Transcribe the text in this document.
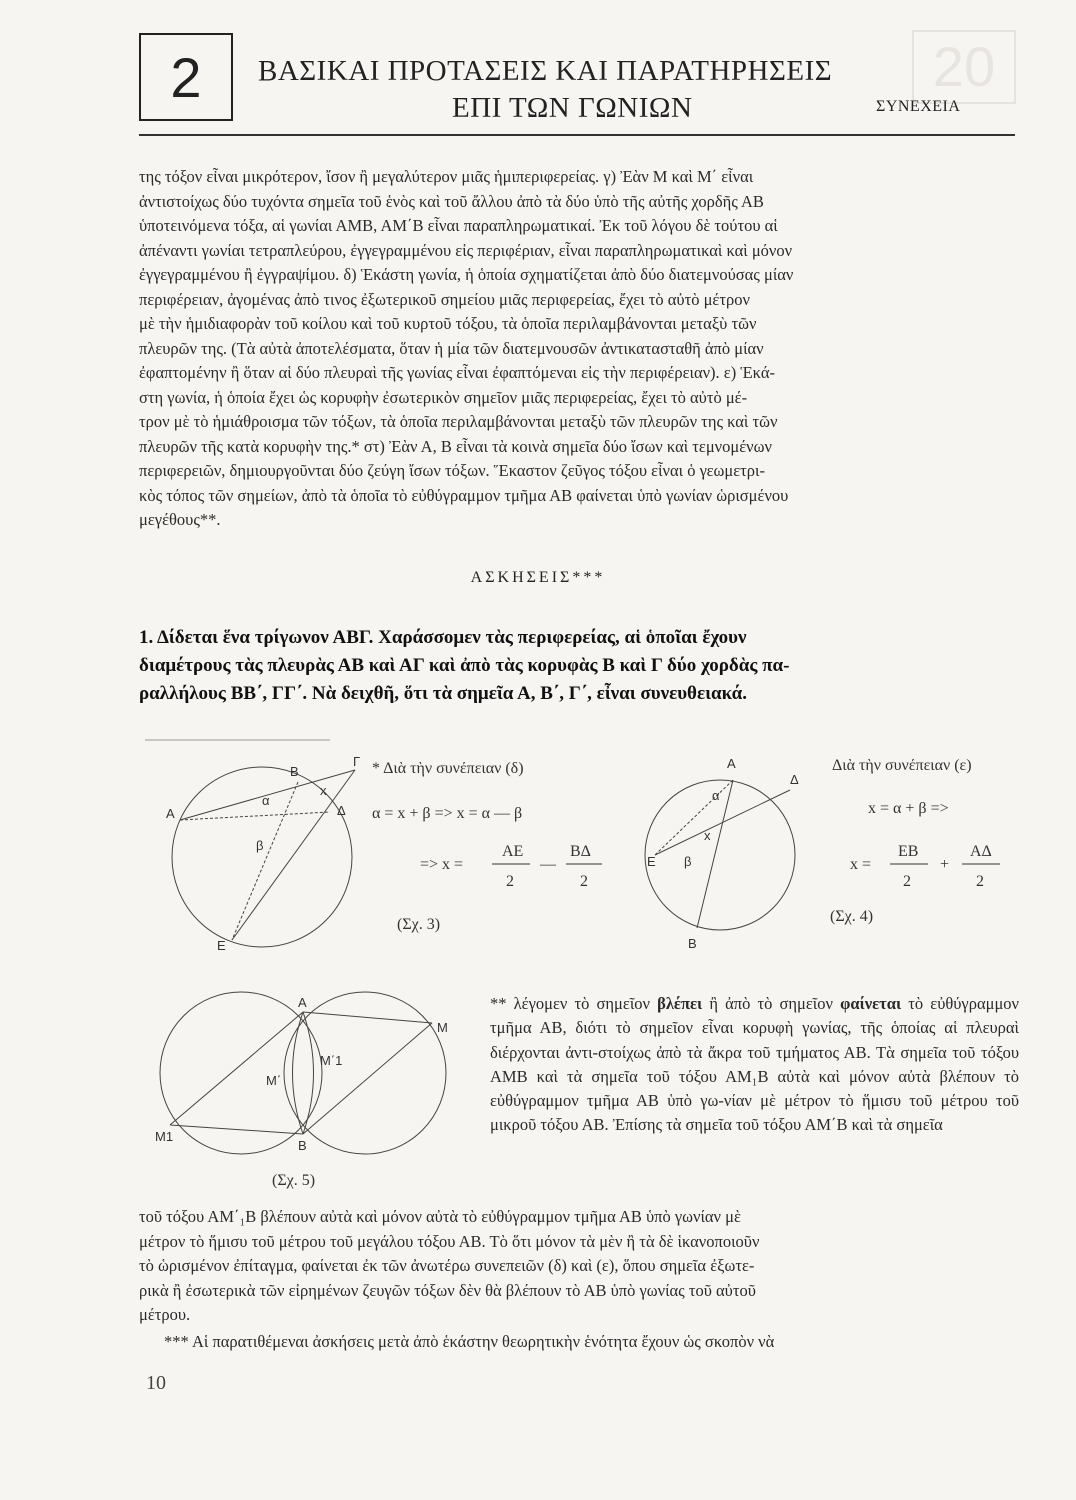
20
2	ΒΑΣΙΚΑΙ ΠΡΟΤΑΣΕΙΣ ΚΑΙ ΠΑΡΑΤΗΡΗΣΕΙΣ
ΕΠΙ ΤΩΝ ΓΩΝΙΩΝ	ΣΥΝΕΧΕΙΑ
της τόξον εἶναι μικρότερον, ἴσον ἢ μεγαλύτερον μιᾶς ἡμιπεριφερείας. γ) Ἐὰν Μ καὶ Μ΄ εἶναι
ἀντιστοίχως δύο τυχόντα σημεῖα τοῦ ἑνὸς καὶ τοῦ ἄλλου ἀπὸ τὰ δύο ὑπὸ τῆς αὐτῆς χορδῆς ΑΒ
ὑποτεινόμενα τόξα, αἱ γωνίαι ΑΜΒ, ΑΜ΄Β εἶναι παραπληρωματικαί. Ἐκ τοῦ λόγου δὲ τούτου αἱ
ἀπέναντι γωνίαι τετραπλεύρου, ἐγγεγραμμένου εἰς περιφέριαν, εἶναι παραπληρωματικαὶ καὶ μόνον
ἐγγεγραμμένου ἢ ἐγγραψίμου. δ) Ἑκάστη γωνία, ἡ ὁποία σχηματίζεται ἀπὸ δύο διατεμνούσας μίαν
περιφέρειαν, ἀγομένας ἀπὸ τινος ἐξωτερικοῦ σημείου μιᾶς περιφερείας, ἔχει τὸ αὐτὸ μέτρον
μὲ τὴν ἡμιδιαφορὰν τοῦ κοίλου καὶ τοῦ κυρτοῦ τόξου, τὰ ὁποῖα περιλαμβάνονται μεταξὺ τῶν
πλευρῶν της. (Τὰ αὐτὰ ἀποτελέσματα, ὅταν ἡ μία τῶν διατεμνουσῶν ἀντικατασταθῆ ἀπὸ μίαν
ἐφαπτομένην ἢ ὅταν αἱ δύο πλευραὶ τῆς γωνίας εἶναι ἐφαπτόμεναι εἰς τὴν περιφέρειαν). ε) Ἑκά-
στη γωνία, ἡ ὁποία ἔχει ὡς κορυφὴν ἐσωτερικὸν σημεῖον μιᾶς περιφερείας, ἔχει τὸ αὐτὸ μέ-
τρον μὲ τὸ ἡμιάθροισμα τῶν τόξων, τὰ ὁποῖα περιλαμβάνονται μεταξὺ τῶν πλευρῶν της καὶ τῶν
πλευρῶν τῆς κατὰ κορυφὴν της.* στ) Ἐὰν Α, Β εἶναι τὰ κοινὰ σημεῖα δύο ἴσων καὶ τεμνομένων
περιφερειῶν, δημιουργοῦνται δύο ζεύγη ἴσων τόξων. Ἕκαστον ζεῦγος τόξου εἶναι ὁ γεωμετρι-
κὸς τόπος τῶν σημείων, ἀπὸ τὰ ὁποῖα τὸ εὐθύγραμμον τμῆμα ΑΒ φαίνεται ὑπὸ γωνίαν ὡρισμένου
μεγέθους**.
ΑΣΚΗΣΕΙΣ***
1. Δίδεται ἕνα τρίγωνον ΑΒΓ. Χαράσσομεν τὰς περιφερείας, αἱ ὁποῖαι ἔχουν
διαμέτρους τὰς πλευρὰς ΑΒ καὶ ΑΓ καὶ ἀπὸ τὰς κορυφὰς Β καὶ Γ δύο χορδὰς πα-
ραλλήλους ΒΒ΄, ΓΓ΄. Νὰ δειχθῆ, ὅτι τὰ σημεῖα Α, Β΄, Γ΄, εἶναι συνευθειακά.
Β
Γ
Α	Δ
α
x
β
Ε
* Διὰ τὴν συνέπειαν (δ)
α = x + β => x = α — β
=> x =
ΑΕ
2
—
ΒΔ
2
(Σχ. 3)
Α
Δ
α
x
Ε β
Β
Διὰ τὴν συνέπειαν (ε)
x = α + β =>
x =
ΕΒ
2
+
ΑΔ
2
(Σχ. 4)
Α
Μ
Μ1
Μ΄
Μ΄1
Β
(Σχ. 5)
** λέγομεν τὸ σημεῖον βλέπει ἢ ἀπὸ τὸ σημεῖον φαίνεται τὸ εὐθύγραμμον τμῆμα ΑΒ, διότι τὸ σημεῖον εἶναι κορυφὴ γωνίας, τῆς ὁποίας αἱ πλευραὶ διέρχονται ἀντι-στοίχως ἀπὸ τὰ ἄκρα τοῦ τμήματος ΑΒ. Τὰ σημεῖα τοῦ τόξου ΑΜΒ καὶ τὰ σημεῖα τοῦ τόξου ΑΜ₁Β αὐτὰ καὶ μόνον αὐτὰ βλέπουν τὸ εὐθύγραμμον τμῆμα ΑΒ ὑπὸ γω-νίαν μὲ μέτρον τὸ ἥμισυ τοῦ μέτρου τοῦ μικροῦ τόξου ΑΒ. Ἐπίσης τὰ σημεῖα τοῦ τόξου ΑΜ΄Β καὶ τὰ σημεῖα
τοῦ τόξου ΑΜ΄₁Β βλέπουν αὐτὰ καὶ μόνον αὐτὰ τὸ εὐθύγραμμον τμῆμα ΑΒ ὑπὸ γωνίαν μὲ
μέτρον τὸ ἥμισυ τοῦ μέτρου τοῦ μεγάλου τόξου ΑΒ. Τὸ ὅτι μόνον τὰ μὲν ἢ τὰ δὲ ἱκανοποιοῦν
τὸ ὡρισμένον ἐπίταγμα, φαίνεται ἐκ τῶν ἀνωτέρω συνεπειῶν (δ) καὶ (ε), ὅπου σημεῖα ἐξωτε-
ρικὰ ἢ ἐσωτερικὰ τῶν εἰρημένων ζευγῶν τόξων δὲν θὰ βλέπουν τὸ ΑΒ ὑπὸ γωνίας τοῦ αὐτοῦ
μέτρου.
*** Αἱ παρατιθέμεναι ἀσκήσεις μετὰ ἀπὸ ἑκάστην θεωρητικὴν ἑνότητα ἔχουν ὡς σκοπὸν νὰ
10
